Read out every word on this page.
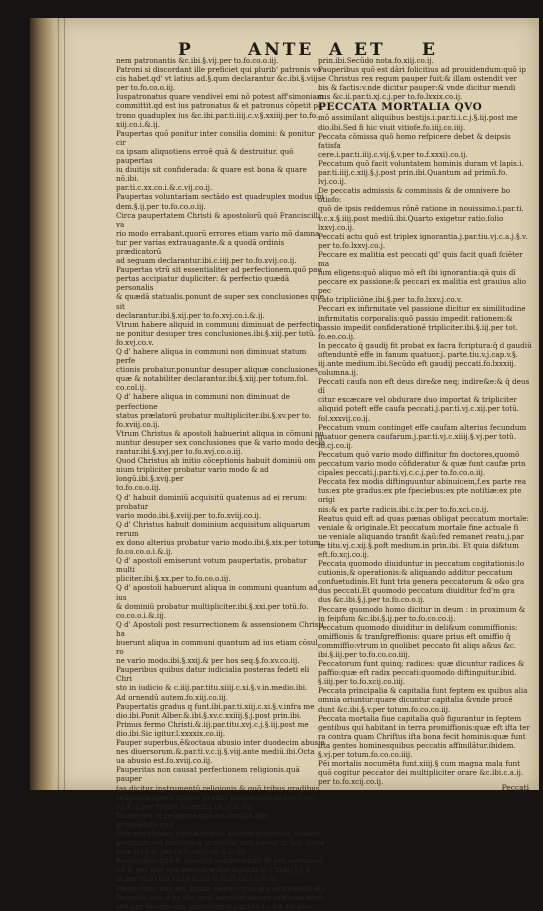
P	ANTE A ET E

nem patronantis &c.ibi.§.vij.per to.fo.co.o.iij.

Patroni si discordant ille preficiet qui plurib' patronis vo

cis habet.qd' vt latius ad.§.qum declarantur &c.ibi.§.viij.

per to.fo.co.o.iij.

Iuspatronatus quare vendivel emi nō potest aff'simoniam

committit.qd est ius patronatus & et patronus cōpetit pa

trono quaduplex ius &c.ibi.par.ti.iiij.c.v.§.xxiiij.per to.fo.

xiij.co.i.&.ij.

Paupertas quō ponitur inter consilia domini: & ponitur cir

ca ipsam aliquotiens erroē quā & destruitur. quō paupertas

iu diuitijs sit confiderada: & quare est bona & quare nō.ibi.

par.ti.c.xx.co.i.&.c.vij.co.ij.

Paupertas voluntariam sectādo est quadruplex modus ibi

dem.§.ij.per to.fo.co.o.iij.

Circa paupertatem Christi & apostolorū quō Franciscilli va

rio modo errabant.quorū errores etiam vario mō damna

tur per varias extrauagante.& a quodā ordinis prædicatorū

ad seguam declarantur.ibi.c.iiij.per to.fo.xvij.co.ij.

Paupertas vtrū sit essentialiter ad perfectionem.quō pau

pertas accipiatur dupliciter: & perfectio quædā personalis

& quædā statualis.ponunt de super sex conclusiones que sit

declarantur.ibi.§.xij.per to.fo.xvj.co.i.&.ij.

Vtrum habere aliquid in communi diminuat de perfectio

ne ponitur desuper tres conclusiones.ibi.§.xiij.per totū.

fo.xvj.co.v.

Q d' habere aliqua in communi non diminuat statum perfe

ctionis probatur.ponuntur desuper aliquæ conclusiones

quæ & notabiliter declarantur.ibi.§.xiij.per totum.fol.

co.col.ij.

Q d' habere aliqua in communi non diminuat de perfectione

status prælatorū probatur multipliciter.ibi.§.xv.per to.

fo.xviij.co.ij.

Vtrum Christus & apostoli habuerint aliqua in cōmuni po

nuntur desuper sex conclusiones que & vario modo decla

rantur.ibi.§.xvj.per to.fo.xvj.co.o.iij.

Quod Christus ab initio cōceptionis habuit dominiū om

nium tripliciter probatur vario modo & ad longū.ibi.§.xvij.per

to.fo.co.o.iij.

Q d' habuit dominiū acquisitū quatenus ad ei rerum: probatur

vario modo.ibi.§.xviij.per to.fo.xviij.co.ij.

Q d' Christus habuit dominium acquisitum aliquarum rerum

ex dono alterius probatur vario modo.ibi.§.xix.per totum.

fo.co.co.o.i.&.ij.

Q d' apostoli emiserunt votum paupertatis, probatur multi

pliciter.ibi.§.xx.per to.fo.co.o.iij.

Q d' apostoli habuerunt aliqua in communi quantum ad ius

& dominiū probatur multipliciter.ibi.§.xxi.per totū.fo.

co.co.o.i.&.iij.

Q d' Apostoli post resurrectionem & assensionem Christi ha

buerunt aliqua in communi quantum ad ius etiam cōsul ro

ne vario modo.ibi.§.xxij.& per hos seq.§.fo.xv.co.iij.

Pauperibus quibus datur iudicialia posteras fedeti eli Chri

sto in iudicio & c.iiij.par.titu.xiiij.c.xi.§.v.in.medio.ibi.

Ad ornendū autem.fo.xiij.co.iij.

Paupertatis gradus q funt.ibi.par.ti.xiij.c.xi.§.v.infra me

dio.ibi.Ponit Alber.&.ibi.§.xv.c.xxiiij.§.j.post prin.ibi.

Primus fermo Christi.&.iij.par.titu.xvj.c.j.§.iij.post me

dio.ibi.Sic igitur.l.xxxxix.co.iij.

Pauper superbus,ē&octaua abusio inter duodecim abusio

nes diuersorum.&.par.ti.v.c.ij.§.viij.ante mediū.ibi.Octa

ua abusio est.fo.xviij.co.iij.

Pauperitas non causat perfectionem religionis.quā pauper

tas dicitur instrumentū religionis,& quō tribus gradibus

religionis operit triplex gradus paupertatis.iij.par.ti.xvj.

c.j.§.iij.per totum.fo.cxxxix.co.iij.&.iiij.

Paupertas in religione quō est femida fine proprietate.qua

liter circaipsam peccatur.quid dicatur proprium: habere

proprium est mortale:& prælatus non potest in hoc dispē

sare.ibi.§.xi.per to.fo.cxlij.co.ij.&.iiij.

Pauperibus quō & qualiter subueniendū fit per eleemosy

nā & per alia opa misericordiæ.ii.par.ti.xj.c.xxiiij.§.j.&

in.per to.fo.liiij.co.iij.&.iiij.&.fo.lij.co.j.ij.&.iij.

Pauperibus non est danda eleemosyna pro orationeab eis

facienda.tam.ē ex hoc quis intendat emere orationē eorū,

sed per beneficium gratuitum.ii.par.titu.i.c.v.§.xvj.post

prin.ibi.Secūdo nota.fo.xiij.co.ij.

Pauperibus quō est dāri folicitius ad prouidendum:quō ip

se Christus rex regum pauper fuit:& illam ostendit ver

bis & factis:v.nde dicitur pauper:& vnde dicitur mendi

cus &c.ii.par.ti.xj.c.j.per to.fo.lxxix.co.ij.

PECCATA MORTALIA QVO

mō assimilant aliquibus bestijs.i.par.ti.i.c.j.§.iij.post me

dio.ibi.Sed fi hic viuit vitiofe.fo.iiij.co.iiij.

Peccata cōmissa quō homo refpicere debet & deipsis fatisfa

cere.i.par.ti.iiij.c.vij.§.v.per to.f.xxxi).co.ij.

Peccatum quō facit voluntatem hominis duram vt lapis.i.

par.ti.iiij.c.xiij.§.j.post prin.ibi.Quantum ad primū.fo.

lvj.co.ij.

De peccatis admissis & commissis & de omnivere bo otiofo:

quō de ipsis reddemus rōnē ratione in nouissimo.i.par.ti.

v.c.x.§.iiij.post mediū.ibi.Quarto exigetur ratio.folio

lxxvj.co.ij.

Peccati actu quō est triplex ignorantia.j.par.tiu.vj.c.a.j.§.v.

per to.fo.lxxvj.co.j.

Peccare ex malitia est peccati qd' quis facit quafi fciēter ma

lum eligens:quō aliquo mō eft ibi ignorantia:qā quis dī

peccare ex passione:& peccari ex malitia est grauius alio pec

cato tripliciōne.ibi.§.per to.fo.lxxv.j.co.v.

Peccari ex infirmitate vel passione dicitur ex similitudine

infirmitatis corporalis:quō passio impedit rationem:&

passio impedit confiderationē tripliciter.ibi.§.iij.per tot.

fo.eo.co.ij.

In peccato q̄ gaudij fit probat ex facra fcriptura:q̄ d gaudiū

oftenduntē effe in fanum quatuor.j. parte.tiu.v.j.cap.v.§.

iij.ante medium.ibi.Secūdo eft gaudij peccati.fo.lxxxiij.

columna.ij.

Peccati caufa non eft deus dire&e neq; indire&e:& q̄ deus dī

citur excæcare vel obdurare duo importat & tripliciter

aliquid poteft effe caufa peccati.j.par.ti.vj.c.xij.per totū.

fol.xxxvij.co.ij.

Peccatum vnum continget effe caufam alterius fecundum

quatuor genera caufarum.j.par.ti.vj.c.xiiij.§.vj.per totū.

fo.cj.co.ij.

Peccatum quō vario modo diffinitur fm doctores,quomō

peccatum vario modo cōfideratur & quæ funt caufæ prin

cipales peccati.j.par.ti.vj.c.c.j.per to.fo.co.o.iij.

Peccata fex modis diftinguuntur abinuicem,f.ex parte rea

tus:ex pte gradus:ex pte fpeciebus:ex pte notitiæ:ex pte origi

nis:& ex parte radicis.ibi.c.ix.per to.fo.xci.co.ij.

Reatus quid eft ad quas pænas obligat peccatum mortale:

veniale & originale.Et peccatum mortale fine actuale fi

ue veniale aliquando tranfit &aū:fed remanet reatu.j.par

te titu.vj.c.xij.§.poft medium.in prin.ibi. Et quia di&tum

eft.fo.xcj.co.ij.

Peccata quomodo diuiduntur in peccatum cogitationis:lo

cutionis,& operationis:& aliquando additur peccatum

confuetudinis.Et funt tria genera peccatorum & o&o gra

dus peccati.Et quomodo peccatum diuiditur fcd'm gra

dus &c.ibi.§.j.per to.fo.co.o.ij.

Peccare quomodo homo dicitur in deum : in proximum &

in feipfum &c.ibi.§.ij.per to.fo.co.co.ij.

Peccatum quomodo diuiditur in deli&um commiffionis:

omiffionis & tranfgreffionis: quare prius eft omiffio q̄

commiffio:vtrum in quolibet peccato fit aliqs a&us &c.

ibi.§.iij.per to.fo.co.co.iiij.

Peccatorum funt quinq; radices: quæ dicuntur radices &

paffio:quæ eft radix peccati:quomodo diftinguitur.ibid.

§.iiij.per to.fo.xcij.co.iiij.

Peccata principalia & capitalia funt feptem ex quibus alia

omnia oriuntur:quare dicuntur capitalia &vnde procē

dunt &c.ibi.§.v.per totum.fo.co.co.iij.

Peccata mortalia fiue capitalia quō figurantur in feptem

gentibus qui habitant in terra promiffionis:quæ eft ifta ter

ra contra quam Chriftus ifta bona fecit hominis:quæ funt

ifta gentes hominesquibus peccatis affimilātur.ibidem.

§.vj.per totum.fo.co.co.iiij.

Pēi mortalis nocumēta funt.xiiij.§ cum magna mala funt

quō cogitur peccator dei multipliciter orare &c.ibi.c.a.ij.

per to.fo.xcij.co.ij.

Peccati
